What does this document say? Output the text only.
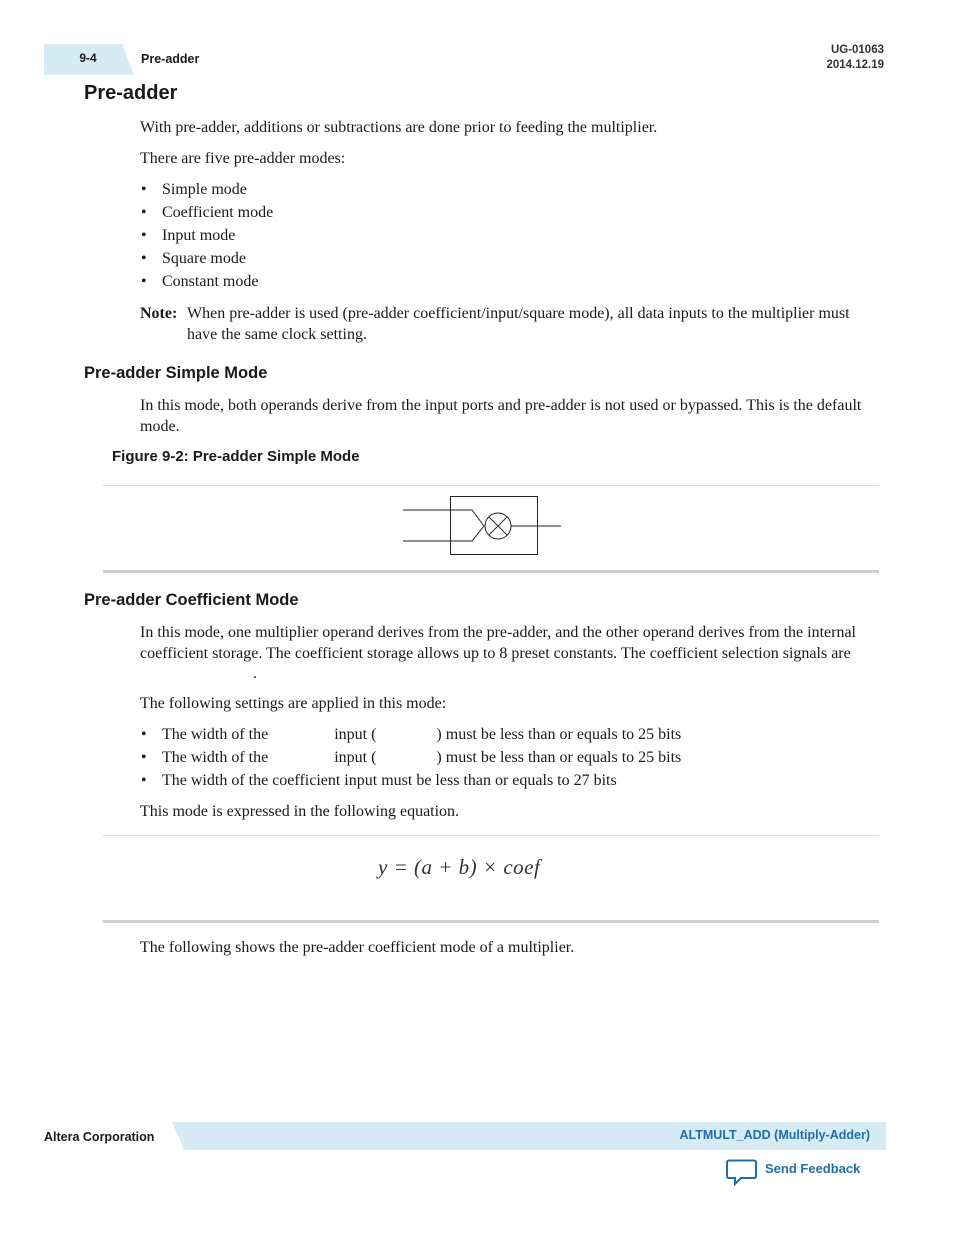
9-4	Pre-adder
UG-01063
2014.12.19
Pre-adder
With pre-adder, additions or subtractions are done prior to feeding the multiplier.
There are five pre-adder modes:
• Simple mode
• Coefficient mode
• Input mode
• Square mode
• Constant mode
Note: When pre-adder is used (pre-adder coefficient/input/square mode), all data inputs to the multiplier must have the same clock setting.
Pre-adder Simple Mode
In this mode, both operands derive from the input ports and pre-adder is not used or bypassed. This is the default mode.
Figure 9-2: Pre-adder Simple Mode
Pre-adder Coefficient Mode
In this mode, one multiplier operand derives from the pre-adder, and the other operand derives from the internal coefficient storage. The coefficient storage allows up to 8 preset constants. The coefficient selection signals are.
The following settings are applied in this mode:
• The width of the	input (	) must be less than or equals to 25 bits
• The width of the	input (	) must be less than or equals to 25 bits
• The width of the coefficient input must be less than or equals to 27 bits
This mode is expressed in the following equation.
y = (a + b) × coef
The following shows the pre-adder coefficient mode of a multiplier.
Altera Corporation	ALTMULT_ADD (Multiply-Adder)
Send Feedback
